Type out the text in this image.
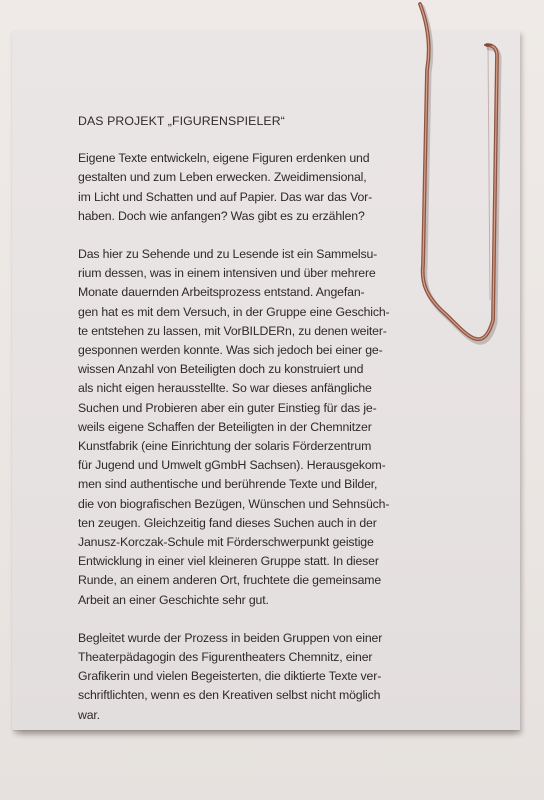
DAS PROJEKT „FIGURENSPIELER“

Eigene Texte entwickeln, eigene Figuren erdenken und
gestalten und zum Leben erwecken. Zweidimensional,
im Licht und Schatten und auf Papier. Das war das Vor-
haben. Doch wie anfangen? Was gibt es zu erzählen?

Das hier zu Sehende und zu Lesende ist ein Sammelsu-
rium dessen, was in einem intensiven und über mehrere
Monate dauernden Arbeitsprozess entstand. Angefan-
gen hat es mit dem Versuch, in der Gruppe eine Geschich-
te entstehen zu lassen, mit VorBILDERn, zu denen weiter-
gesponnen werden konnte. Was sich jedoch bei einer ge-
wissen Anzahl von Beteiligten doch zu konstruiert und
als nicht eigen herausstellte. So war dieses anfängliche
Suchen und Probieren aber ein guter Einstieg für das je-
weils eigene Schaffen der Beteiligten in der Chemnitzer
Kunstfabrik (eine Einrichtung der solaris Förderzentrum
für Jugend und Umwelt gGmbH Sachsen). Herausgekom-
men sind authentische und berührende Texte und Bilder,
die von biografischen Bezügen, Wünschen und Sehnsüch-
ten zeugen. Gleichzeitig fand dieses Suchen auch in der
Janusz-Korczak-Schule mit Förderschwerpunkt geistige
Entwicklung in einer viel kleineren Gruppe statt. In dieser
Runde, an einem anderen Ort, fruchtete die gemeinsame
Arbeit an einer Geschichte sehr gut.

Begleitet wurde der Prozess in beiden Gruppen von einer
Theaterpädagogin des Figurentheaters Chemnitz, einer
Grafikerin und vielen Begeisterten, die diktierte Texte ver-
schriftlichten, wenn es den Kreativen selbst nicht möglich
war.
